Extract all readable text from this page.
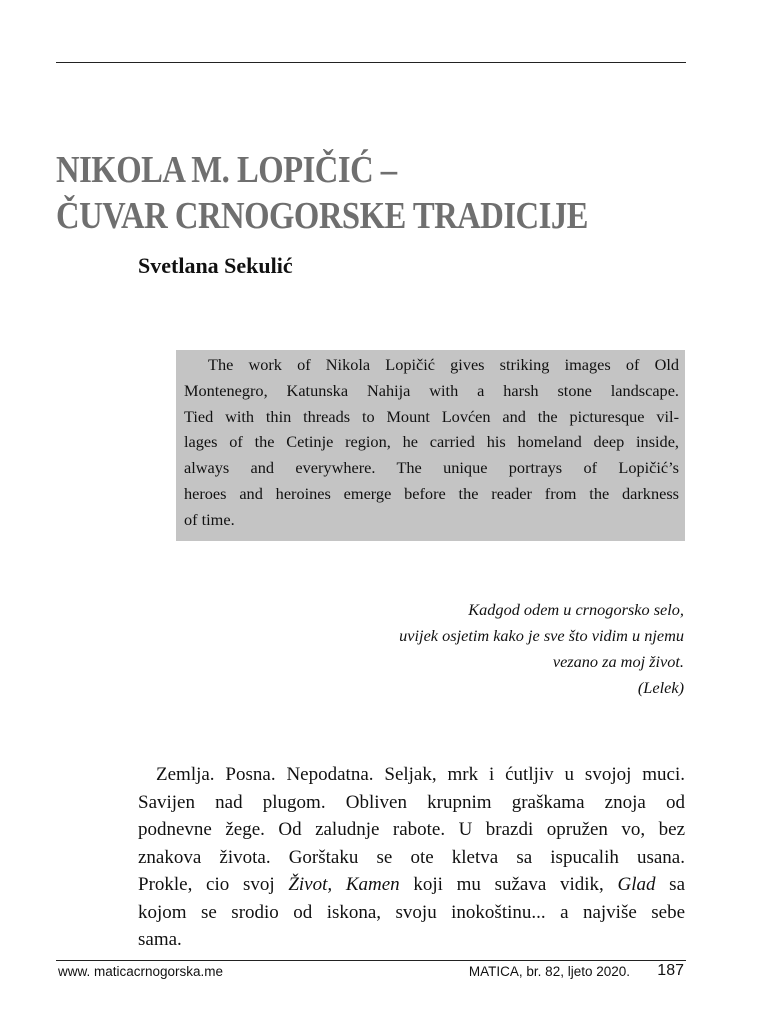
NIKOLA M. LOPIČIĆ –
ČUVAR CRNOGORSKE TRADICIJE
Svetlana Sekulić
The work of Nikola Lopičić gives striking images of Old
Montenegro, Katunska Nahija with a harsh stone landscape.
Tied with thin threads to Mount Lovćen and the picturesque vil-
lages of the Cetinje region, he carried his homeland deep inside,
always and everywhere. The unique portrays of Lopičić’s
heroes and heroines emerge before the reader from the darkness
of time.
Kadgod odem u crnogorsko selo,
uvijek osjetim kako je sve što vidim u njemu
vezano za moj život.
(Lelek)
Zemlja. Posna. Nepodatna. Seljak, mrk i ćutljiv u svojoj muci.
Savijen nad plugom. Obliven krupnim graškama znoja od
podnevne žege. Od zaludnje rabote. U brazdi opružen vo, bez
znakova života. Gorštaku se ote kletva sa ispucalih usana.
Prokle, cio svoj Život, Kamen koji mu sužava vidik, Glad sa
kojom se srodio od iskona, svoju inokoštinu... a najviše sebe
sama.
www. maticacrnogorska.me	MATICA, br. 82, ljeto 2020. 187
